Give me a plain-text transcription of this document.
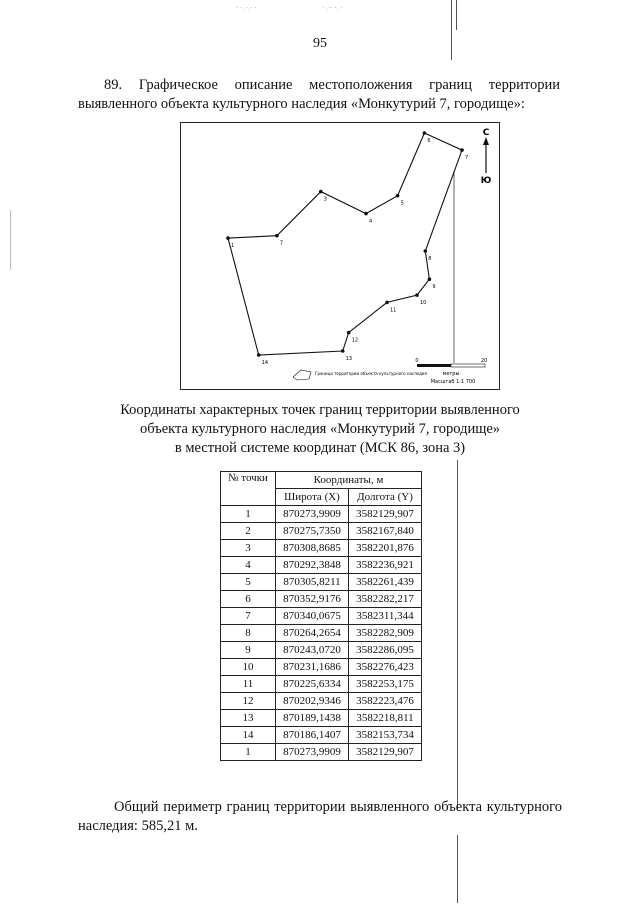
· ·. ·.· ·	· .·· ·. ·
95
89. Графическое описание местоположения границ территории выявленного объекта культурного наследия «Монкутурий 7, городище»:
1	7
3
4
5
6
7
8
9
10
11
12
13
14
С
Ю
0	20
метры
Масштаб 1:1 700
Граница территории объекта культурного наследия
Координаты характерных точек границ территории выявленного
объекта культурного наследия «Монкутурий 7, городище»
в местной системе координат (МСК 86, зона 3)
№ точки	Координаты, м	
	Широта (X)	Долгота (Y)
1	870273,9909	3582129,907
2	870275,7350	3582167,840
3	870308,8685	3582201,876
4	870292,3848	3582236,921
5	870305,8211	3582261,439
6	870352,9176	3582282,217
7	870340,0675	3582311,344
8	870264,2654	3582282,909
9	870243,0720	3582286,095
10	870231,1686	3582276,423
11	870225,6334	3582253,175
12	870202,9346	3582223,476
13	870189,1438	3582218,811
14	870186,1407	3582153,734
1	870273,9909	3582129,907
Общий периметр границ территории выявленного объекта культурного наследия: 585,21 м.
